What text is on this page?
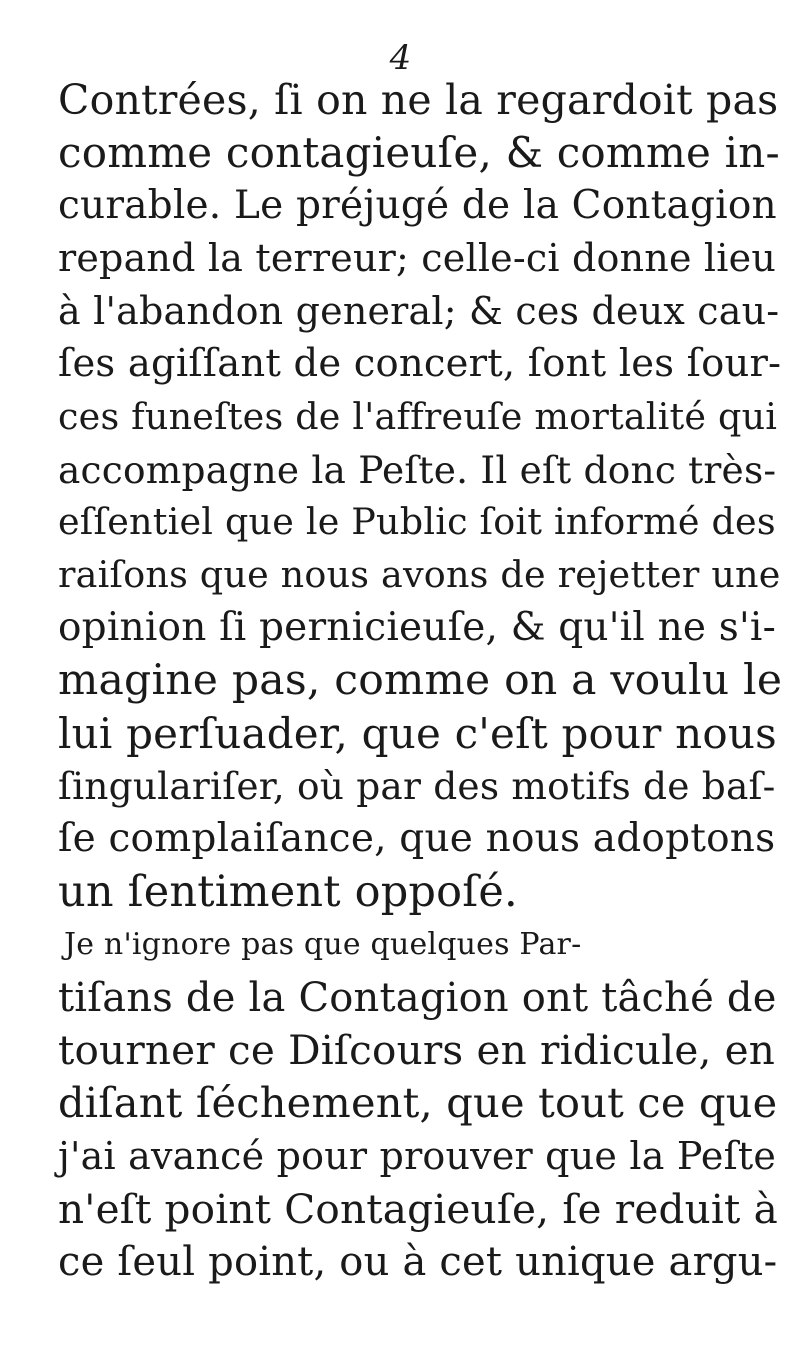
4
Contrées, ſi on ne la regardoit pas
comme contagieuſe, & comme in-
curable. Le préjugé de la Contagion
repand la terreur; celle-ci donne lieu
à l'abandon general; & ces deux cau-
ſes agiſſant de concert, ſont les ſour-
ces funeſtes de l'affreuſe mortalité qui
accompagne la Peſte. Il eſt donc très-
eſſentiel que le Public ſoit informé des
raiſons que nous avons de rejetter une
opinion ſi pernicieuſe, & qu'il ne s'i-
magine pas, comme on a voulu le
lui perſuader, que c'eſt pour nous
ſingulariſer, où par des motifs de baſ-
ſe complaiſance, que nous adoptons
un ſentiment oppoſé.
Je n'ignore pas que quelques Par-
tiſans de la Contagion ont tâché de
tourner ce Diſcours en ridicule, en
diſant ſéchement, que tout ce que
j'ai avancé pour prouver que la Peſte
n'eſt point Contagieuſe, ſe reduit à
ce ſeul point, ou à cet unique argu-
